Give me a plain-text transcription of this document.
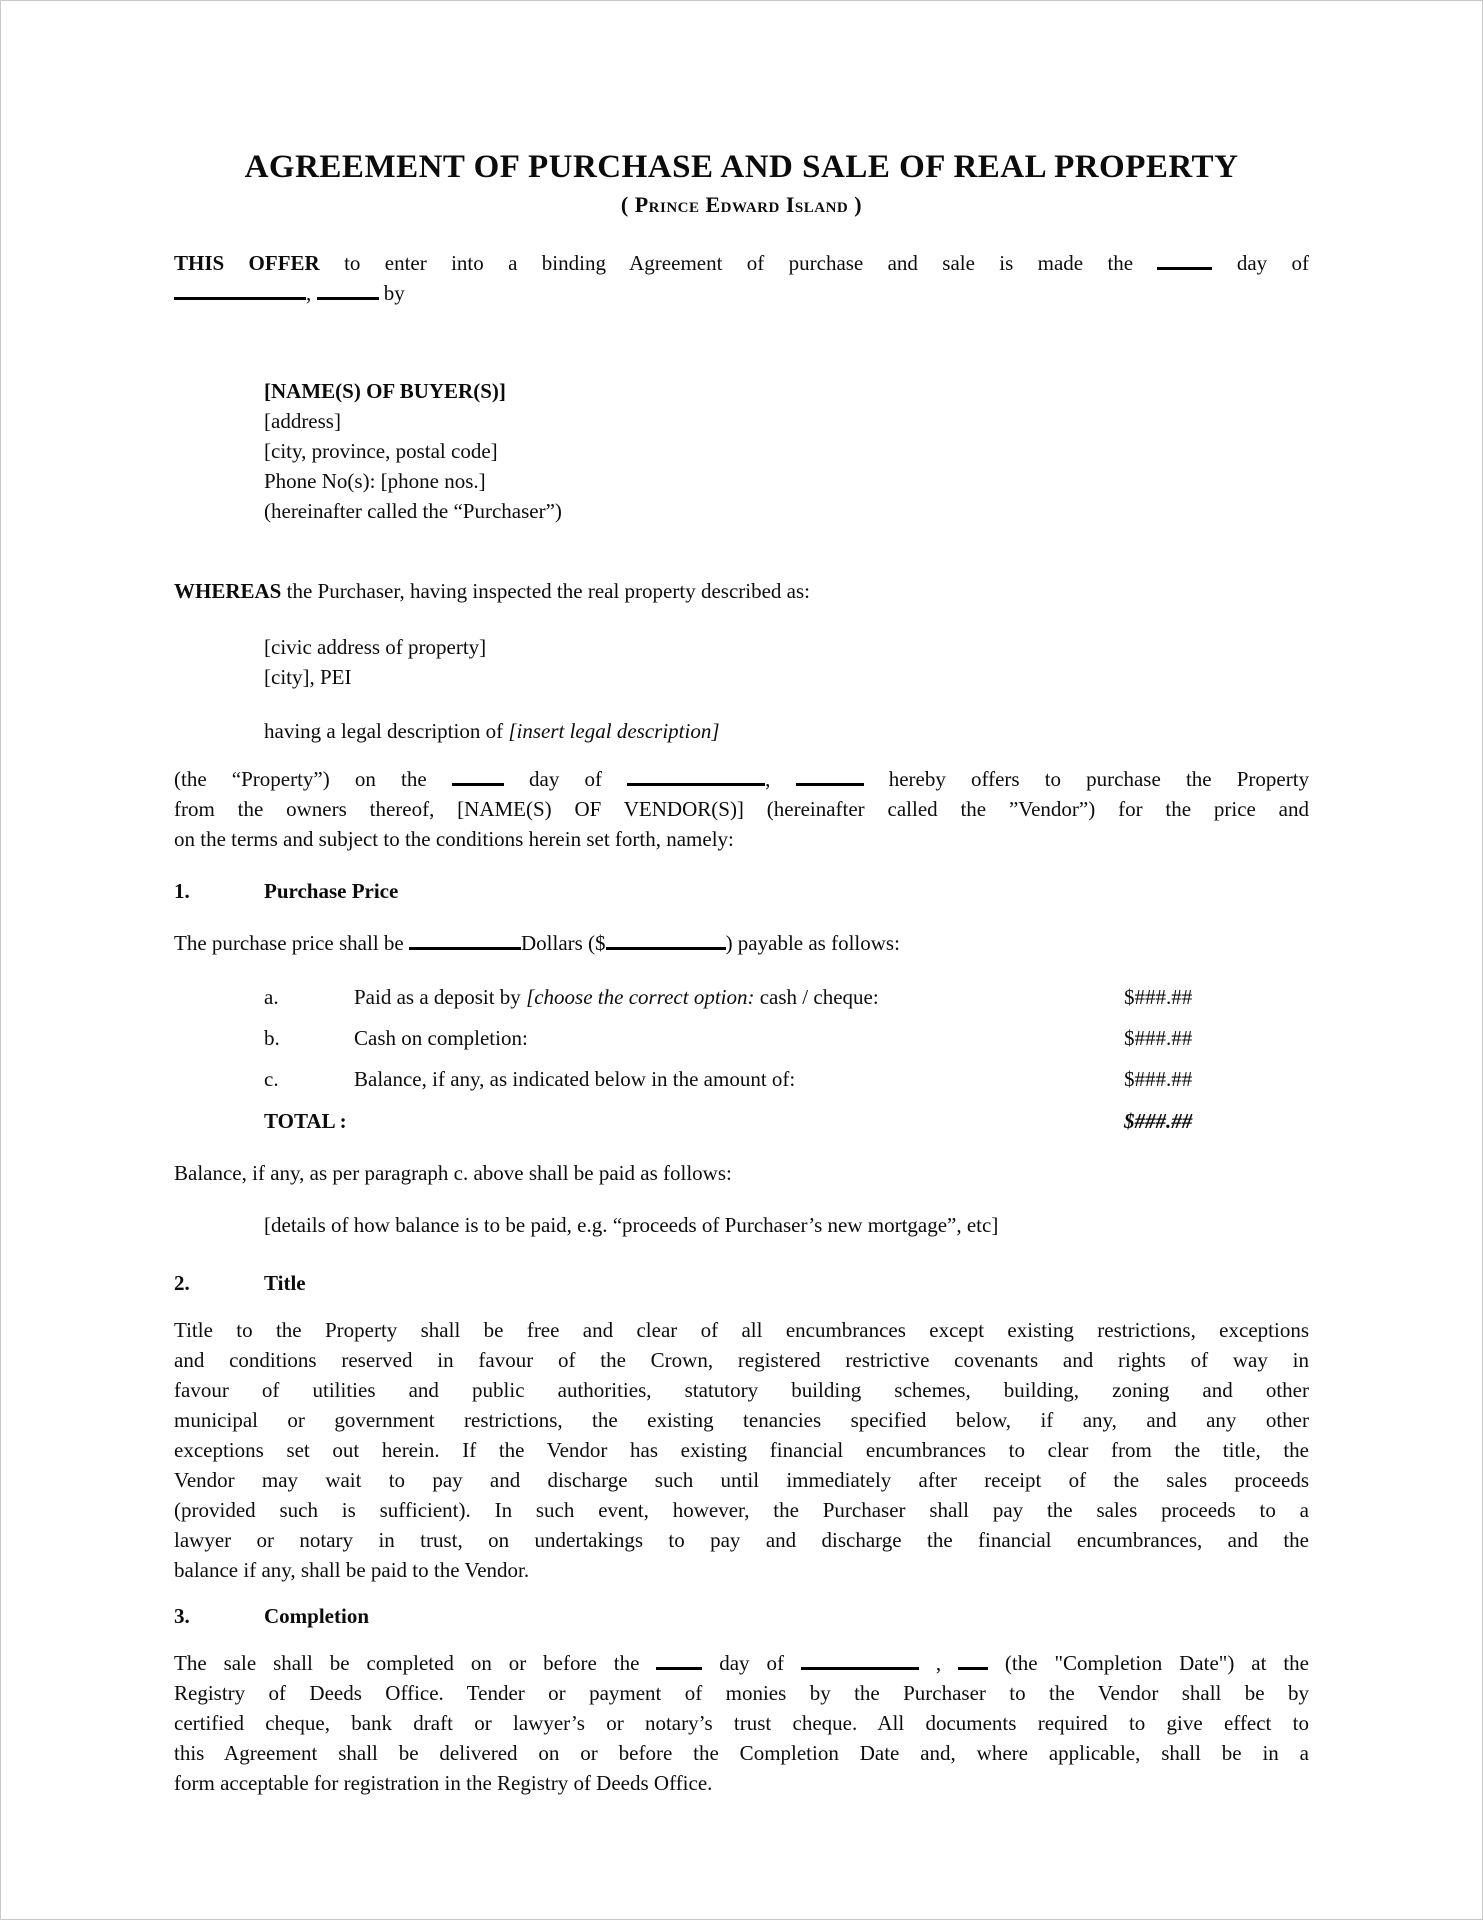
AGREEMENT OF PURCHASE AND SALE OF REAL PROPERTY
( Prince Edward Island )
THIS OFFER to enter into a binding Agreement of purchase and sale is made the	day of
,	by
[NAME(S) OF BUYER(S)]
[address]
[city, province, postal code]
Phone No(s): [phone nos.]
(hereinafter called the “Purchaser”)
WHEREAS the Purchaser, having inspected the real property described as:
[civic address of property]
[city], PEI
having a legal description of [insert legal description]
(the “Property”) on the	day of	,	hereby offers to purchase the Property
from the owners thereof, [NAME(S) OF VENDOR(S)] (hereinafter called the ”Vendor”) for the price and
on the terms and subject to the conditions herein set forth, namely:
1.	Purchase Price
The purchase price shall be	Dollars ($	) payable as follows:
a.	Paid as a deposit by [choose the correct option: cash / cheque:	$###.##
b.	Cash on completion:	$###.##
c.	Balance, if any, as indicated below in the amount of:	$###.##
TOTAL :	$###.##
Balance, if any, as per paragraph c. above shall be paid as follows:
[details of how balance is to be paid, e.g. “proceeds of Purchaser’s new mortgage”, etc]
2.	Title
Title to the Property shall be free and clear of all encumbrances except existing restrictions, exceptions
and conditions reserved in favour of the Crown, registered restrictive covenants and rights of way in
favour of utilities and public authorities, statutory building schemes, building, zoning and other
municipal or government restrictions, the existing tenancies specified below, if any, and any other
exceptions set out herein. If the Vendor has existing financial encumbrances to clear from the title, the
Vendor may wait to pay and discharge such until immediately after receipt of the sales proceeds
(provided such is sufficient). In such event, however, the Purchaser shall pay the sales proceeds to a
lawyer or notary in trust, on undertakings to pay and discharge the financial encumbrances, and the
balance if any, shall be paid to the Vendor.
3.	Completion
The sale shall be completed on or before the	day of	,	(the "Completion Date") at the
Registry of Deeds Office. Tender or payment of monies by the Purchaser to the Vendor shall be by
certified cheque, bank draft or lawyer’s or notary’s trust cheque. All documents required to give effect to
this Agreement shall be delivered on or before the Completion Date and, where applicable, shall be in a
form acceptable for registration in the Registry of Deeds Office.
